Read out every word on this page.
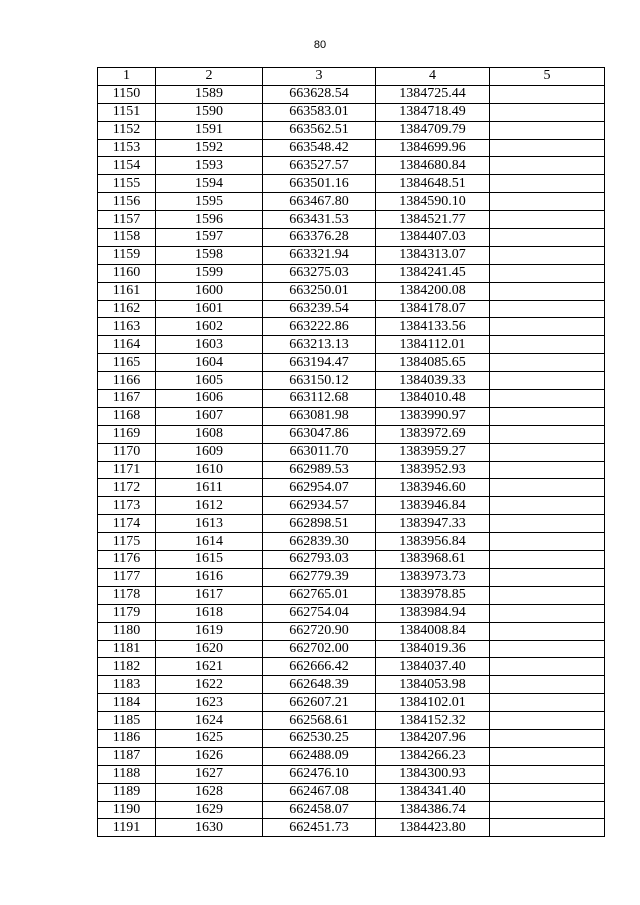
80
1	2	3	4	5
1150	1589	663628.54	1384725.44	
1151	1590	663583.01	1384718.49	
1152	1591	663562.51	1384709.79	
1153	1592	663548.42	1384699.96	
1154	1593	663527.57	1384680.84	
1155	1594	663501.16	1384648.51	
1156	1595	663467.80	1384590.10	
1157	1596	663431.53	1384521.77	
1158	1597	663376.28	1384407.03	
1159	1598	663321.94	1384313.07	
1160	1599	663275.03	1384241.45	
1161	1600	663250.01	1384200.08	
1162	1601	663239.54	1384178.07	
1163	1602	663222.86	1384133.56	
1164	1603	663213.13	1384112.01	
1165	1604	663194.47	1384085.65	
1166	1605	663150.12	1384039.33	
1167	1606	663112.68	1384010.48	
1168	1607	663081.98	1383990.97	
1169	1608	663047.86	1383972.69	
1170	1609	663011.70	1383959.27	
1171	1610	662989.53	1383952.93	
1172	1611	662954.07	1383946.60	
1173	1612	662934.57	1383946.84	
1174	1613	662898.51	1383947.33	
1175	1614	662839.30	1383956.84	
1176	1615	662793.03	1383968.61	
1177	1616	662779.39	1383973.73	
1178	1617	662765.01	1383978.85	
1179	1618	662754.04	1383984.94	
1180	1619	662720.90	1384008.84	
1181	1620	662702.00	1384019.36	
1182	1621	662666.42	1384037.40	
1183	1622	662648.39	1384053.98	
1184	1623	662607.21	1384102.01	
1185	1624	662568.61	1384152.32	
1186	1625	662530.25	1384207.96	
1187	1626	662488.09	1384266.23	
1188	1627	662476.10	1384300.93	
1189	1628	662467.08	1384341.40	
1190	1629	662458.07	1384386.74	
1191	1630	662451.73	1384423.80	
